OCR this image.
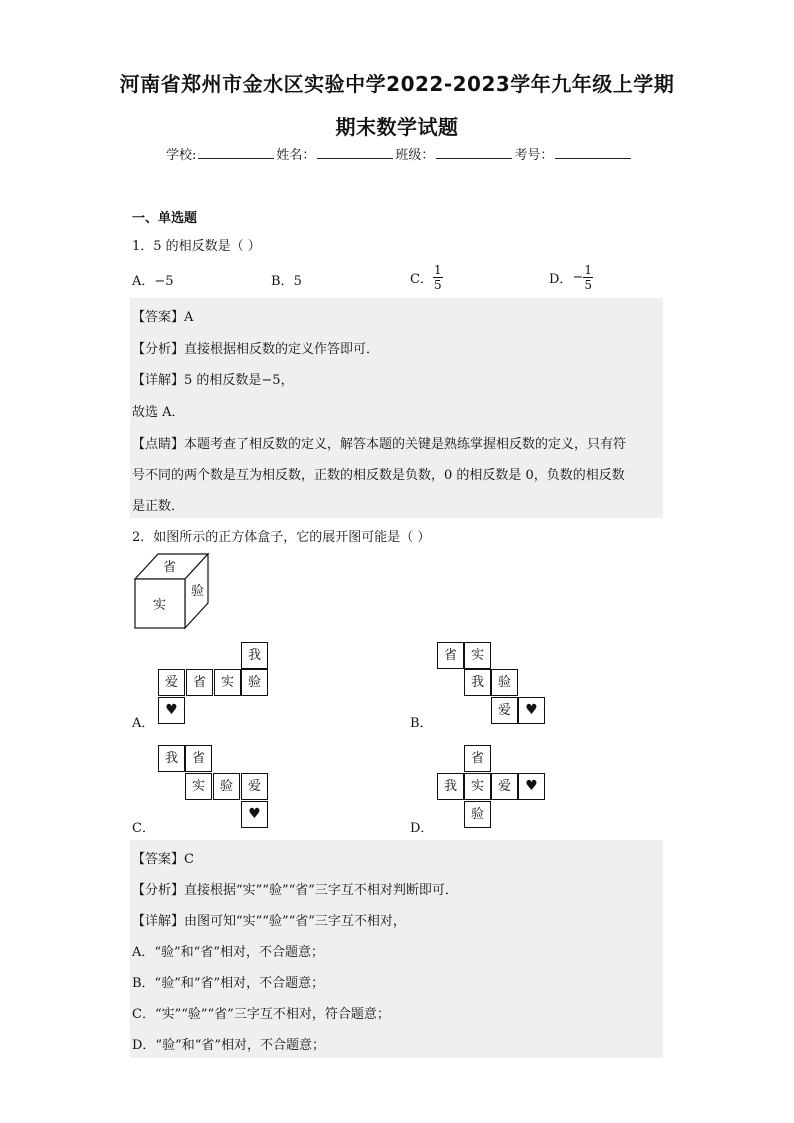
河南省郑州市金水区实验中学2022-2023学年九年级上学期
期末数学试题
学校:	姓名：	班级：	考号：
一、单选题
1．5 的相反数是（ ）
A．−5	B．5	C． $\frac{1}{5}$	D．− $\frac{1}{5}$
【答案】A
【分析】直接根据相反数的定义作答即可．
【详解】5 的相反数是−5，
故选 A．
【点睛】本题考查了相反数的定义，解答本题的关键是熟练掌握相反数的定义，只有符
号不同的两个数是互为相反数，正数的相反数是负数，0 的相反数是 0，负数的相反数
是正数．
2．如图所示的正方体盒子，它的展开图可能是（ ）
省
验
实
A．
我
爱	省	实	验
♥
B．
省	实
我	验
爱	♥
C．
我	省
实	验	爱
♥
D．
省
我	实	爱	♥
验
【答案】C
【分析】直接根据“实”“验”“省”三字互不相对判断即可．
【详解】由图可知“实”“验”“省”三字互不相对，
A．“验”和“省”相对，不合题意；
B．“验”和“省”相对，不合题意；
C．“实”“验”“省”三字互不相对，符合题意；
D．“验”和“省”相对，不合题意；
